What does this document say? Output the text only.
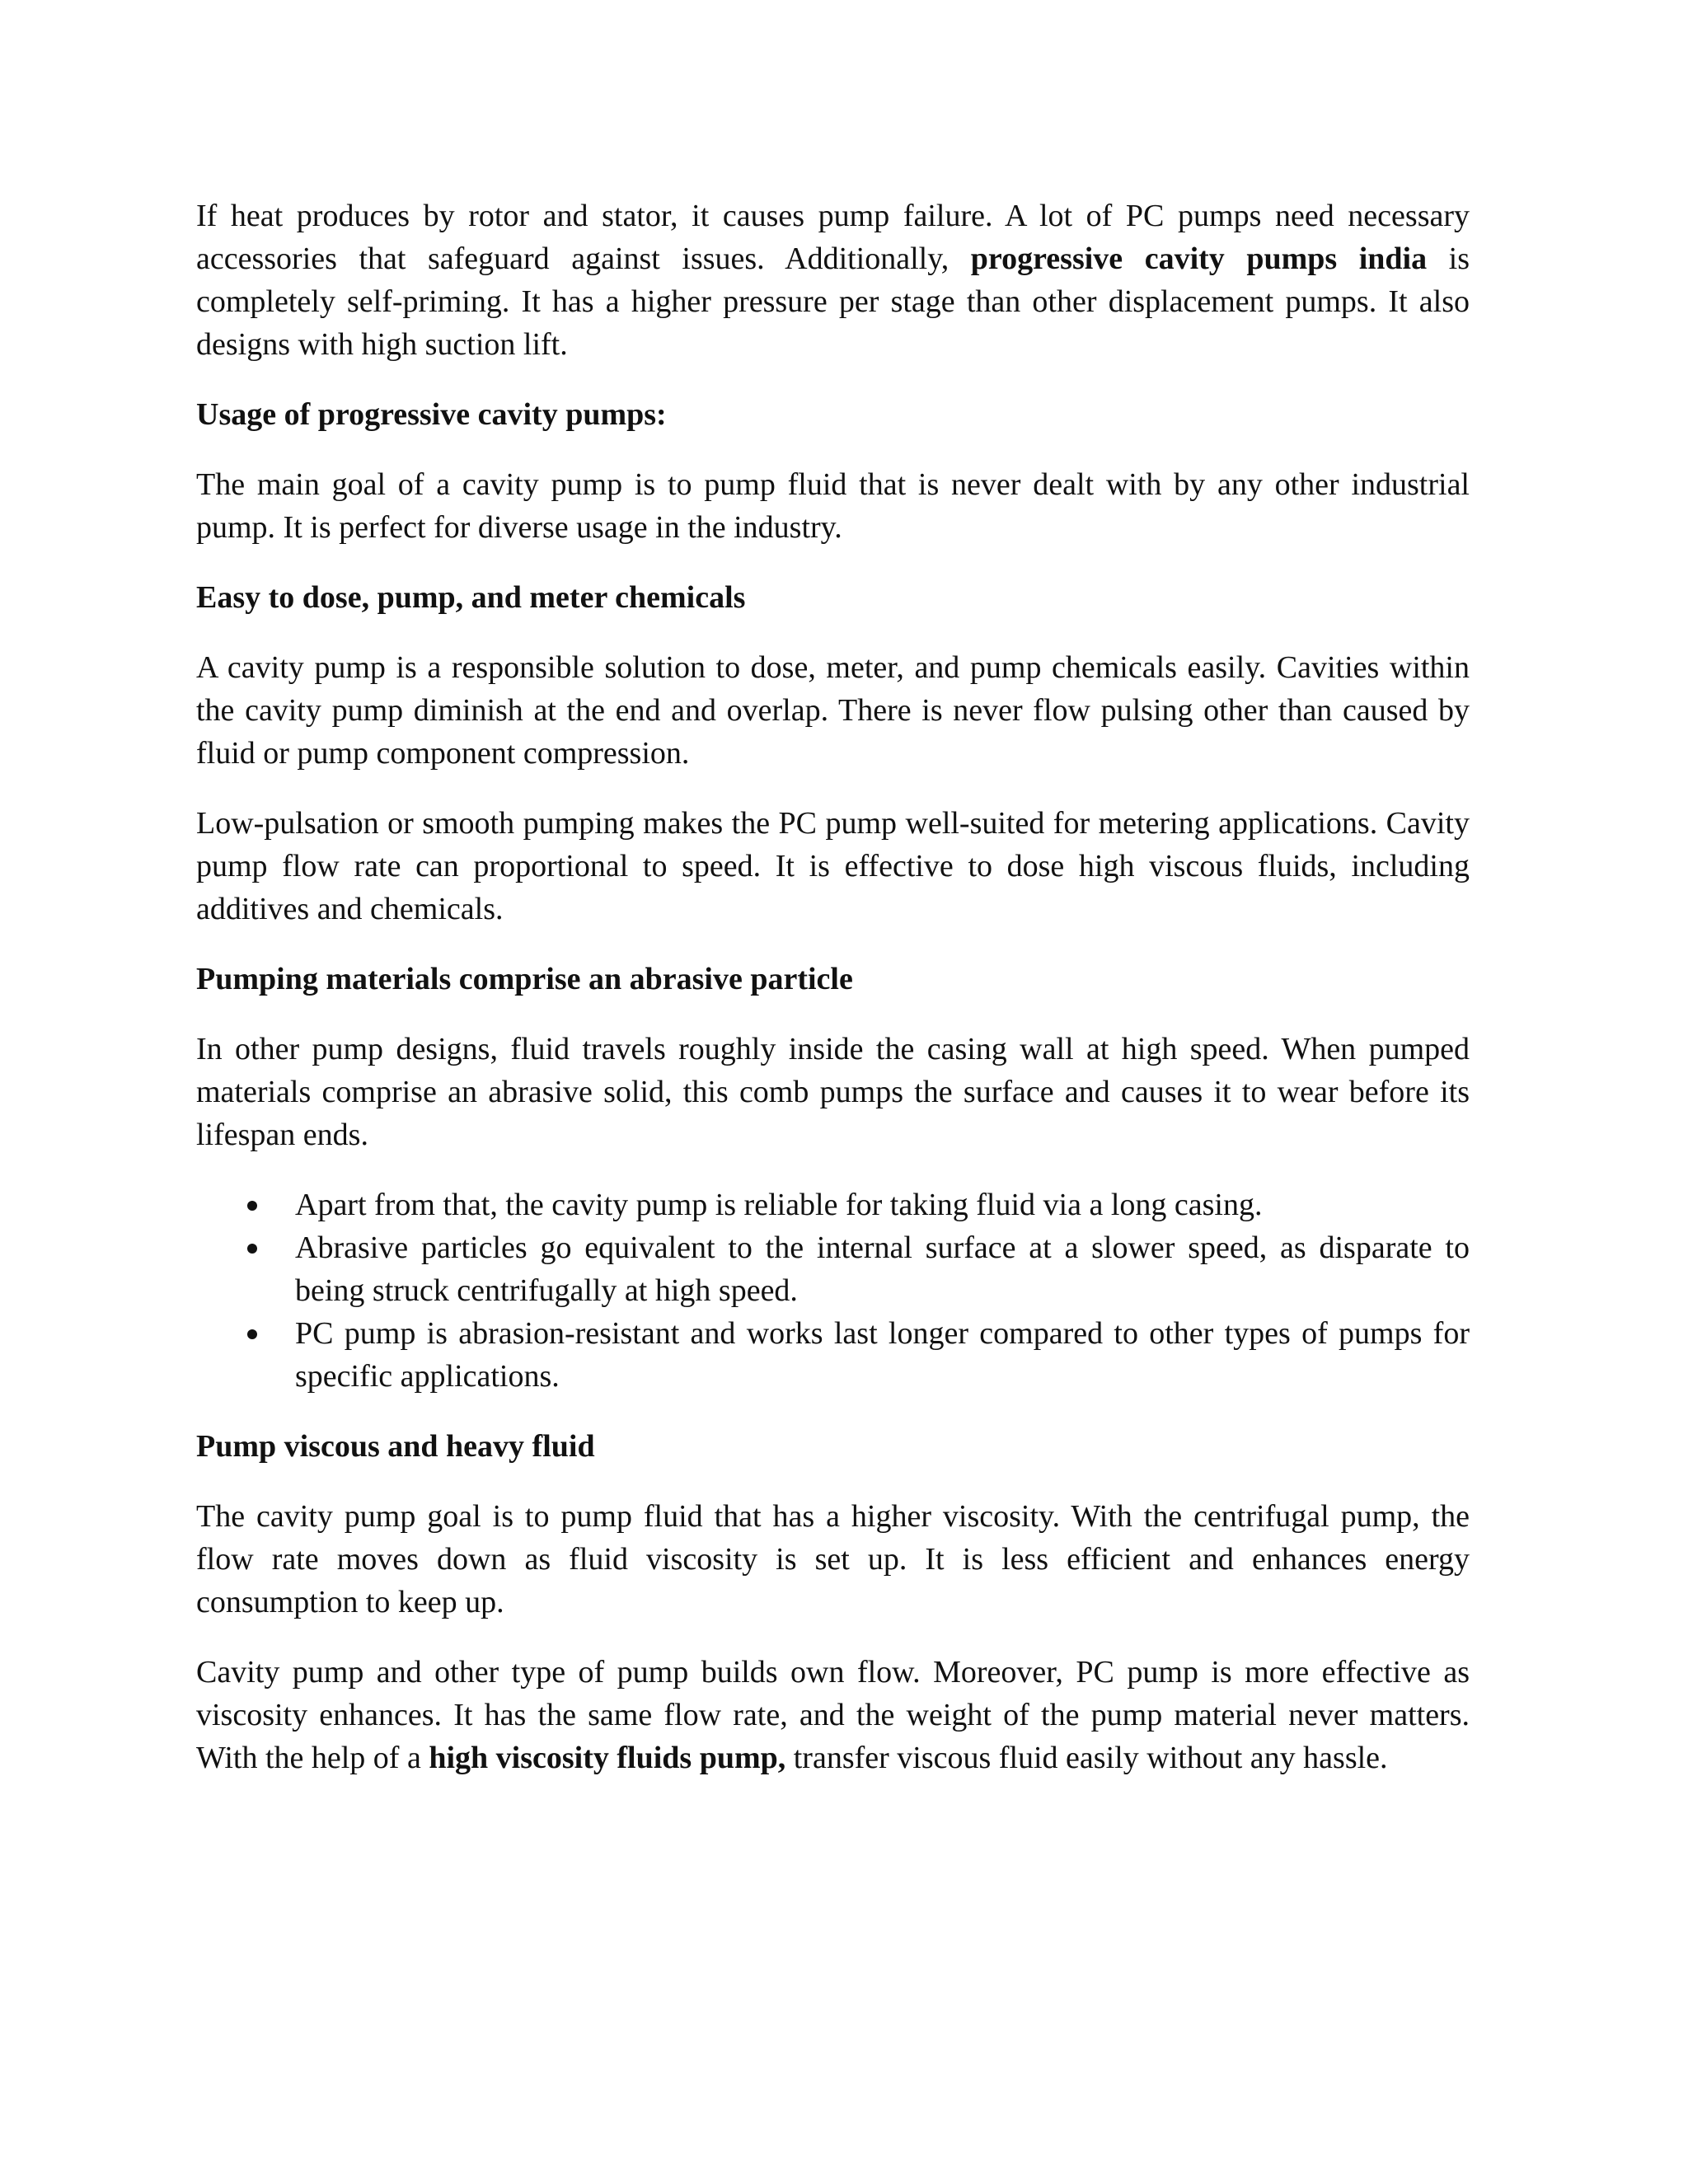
If heat produces by rotor and stator, it causes pump failure. A lot of PC pumps need necessary accessories that safeguard against issues. Additionally, progressive cavity pumps india is completely self-priming. It has a higher pressure per stage than other displacement pumps. It also designs with high suction lift.

Usage of progressive cavity pumps:

The main goal of a cavity pump is to pump fluid that is never dealt with by any other industrial pump. It is perfect for diverse usage in the industry.

Easy to dose, pump, and meter chemicals

A cavity pump is a responsible solution to dose, meter, and pump chemicals easily. Cavities within the cavity pump diminish at the end and overlap. There is never flow pulsing other than caused by fluid or pump component compression.

Low-pulsation or smooth pumping makes the PC pump well-suited for metering applications. Cavity pump flow rate can proportional to speed. It is effective to dose high viscous fluids, including additives and chemicals.

Pumping materials comprise an abrasive particle

In other pump designs, fluid travels roughly inside the casing wall at high speed. When pumped materials comprise an abrasive solid, this comb pumps the surface and causes it to wear before its lifespan ends.

Apart from that, the cavity pump is reliable for taking fluid via a long casing.
Abrasive particles go equivalent to the internal surface at a slower speed, as disparate to being struck centrifugally at high speed.
PC pump is abrasion-resistant and works last longer compared to other types of pumps for specific applications.

Pump viscous and heavy fluid

The cavity pump goal is to pump fluid that has a higher viscosity. With the centrifugal pump, the flow rate moves down as fluid viscosity is set up. It is less efficient and enhances energy consumption to keep up.

Cavity pump and other type of pump builds own flow. Moreover, PC pump is more effective as viscosity enhances. It has the same flow rate, and the weight of the pump material never matters. With the help of a high viscosity fluids pump, transfer viscous fluid easily without any hassle.
